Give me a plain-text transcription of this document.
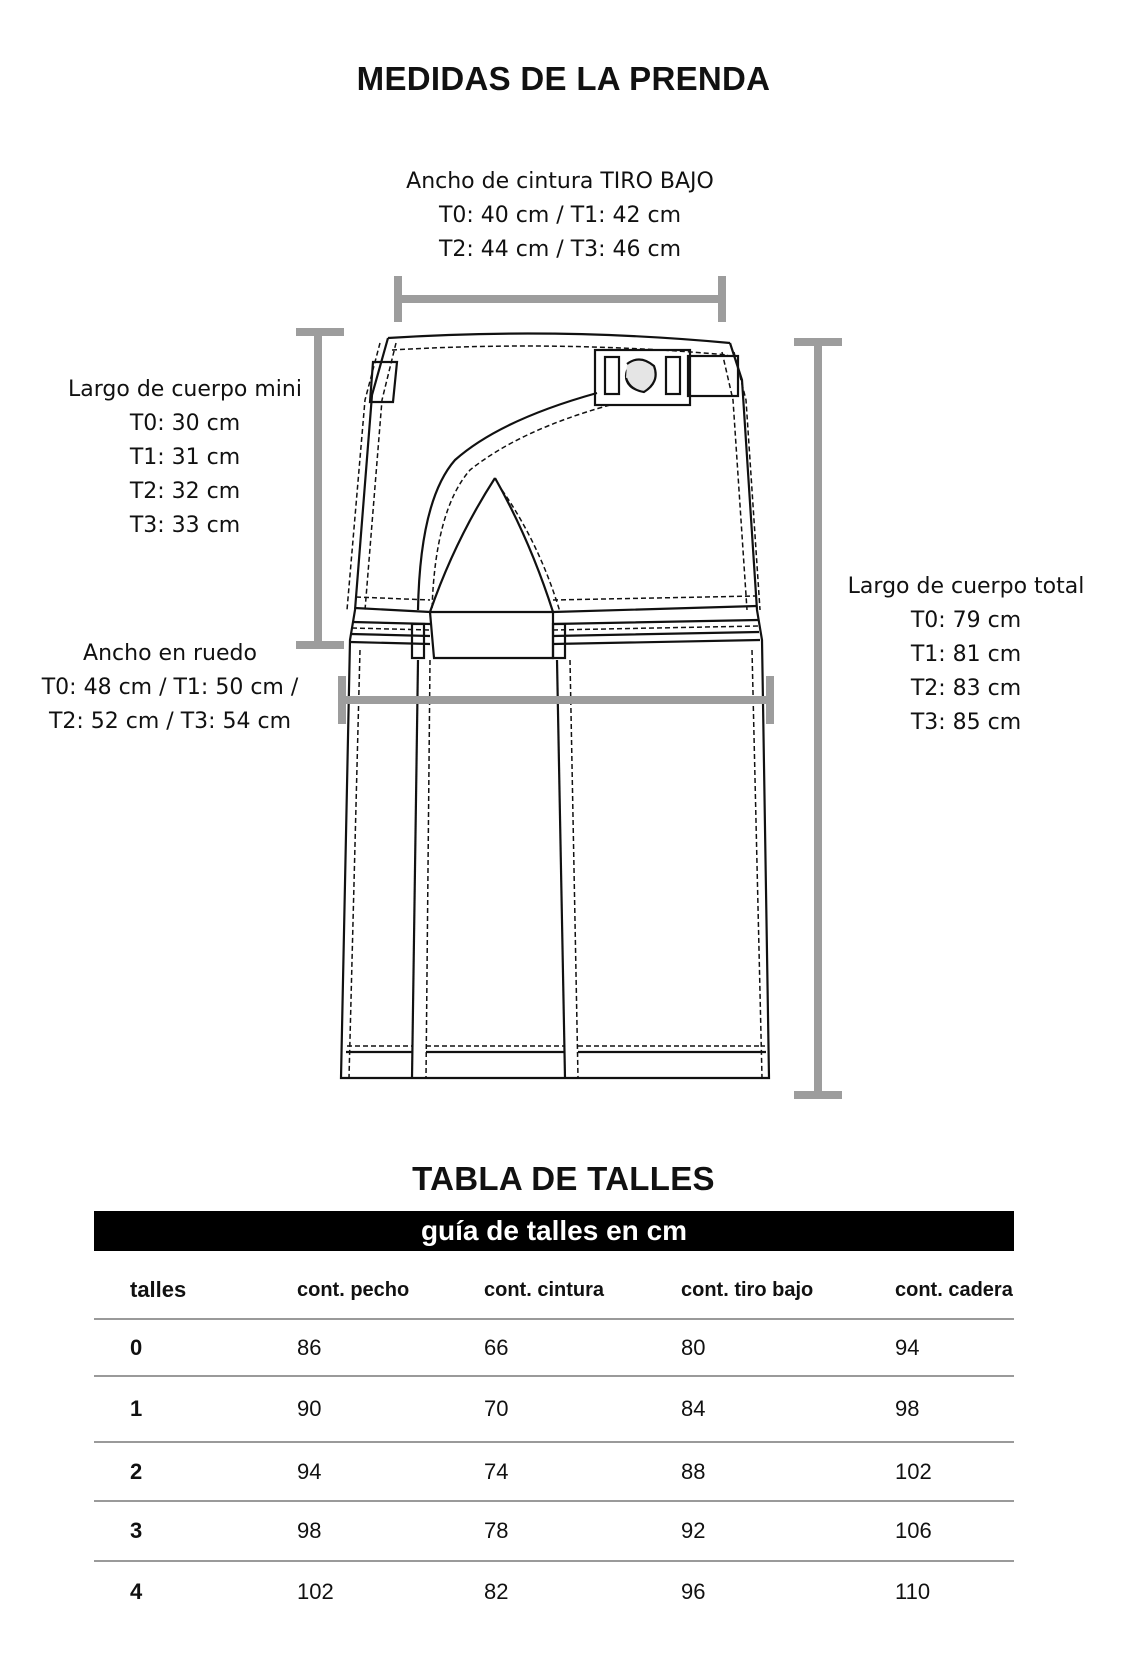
MEDIDAS DE LA PRENDA
Ancho de cintura TIRO BAJO
T0: 40 cm / T1: 42 cm
T2: 44 cm / T3: 46 cm
Largo de cuerpo mini
T0: 30 cm
T1: 31 cm
T2: 32 cm
T3: 33 cm
Ancho en ruedo
T0: 48 cm / T1: 50 cm /
T2: 52 cm / T3: 54 cm
Largo de cuerpo total
T0: 79 cm
T1: 81 cm
T2: 83 cm
T3: 85 cm
TABLA DE TALLES
guía de talles en cm
talles	cont. pecho	cont. cintura	cont. tiro bajo	cont. cadera
0	86	66	80	94
1	90	70	84	98
2	94	74	88	102
3	98	78	92	106
4	102	82	96	110
